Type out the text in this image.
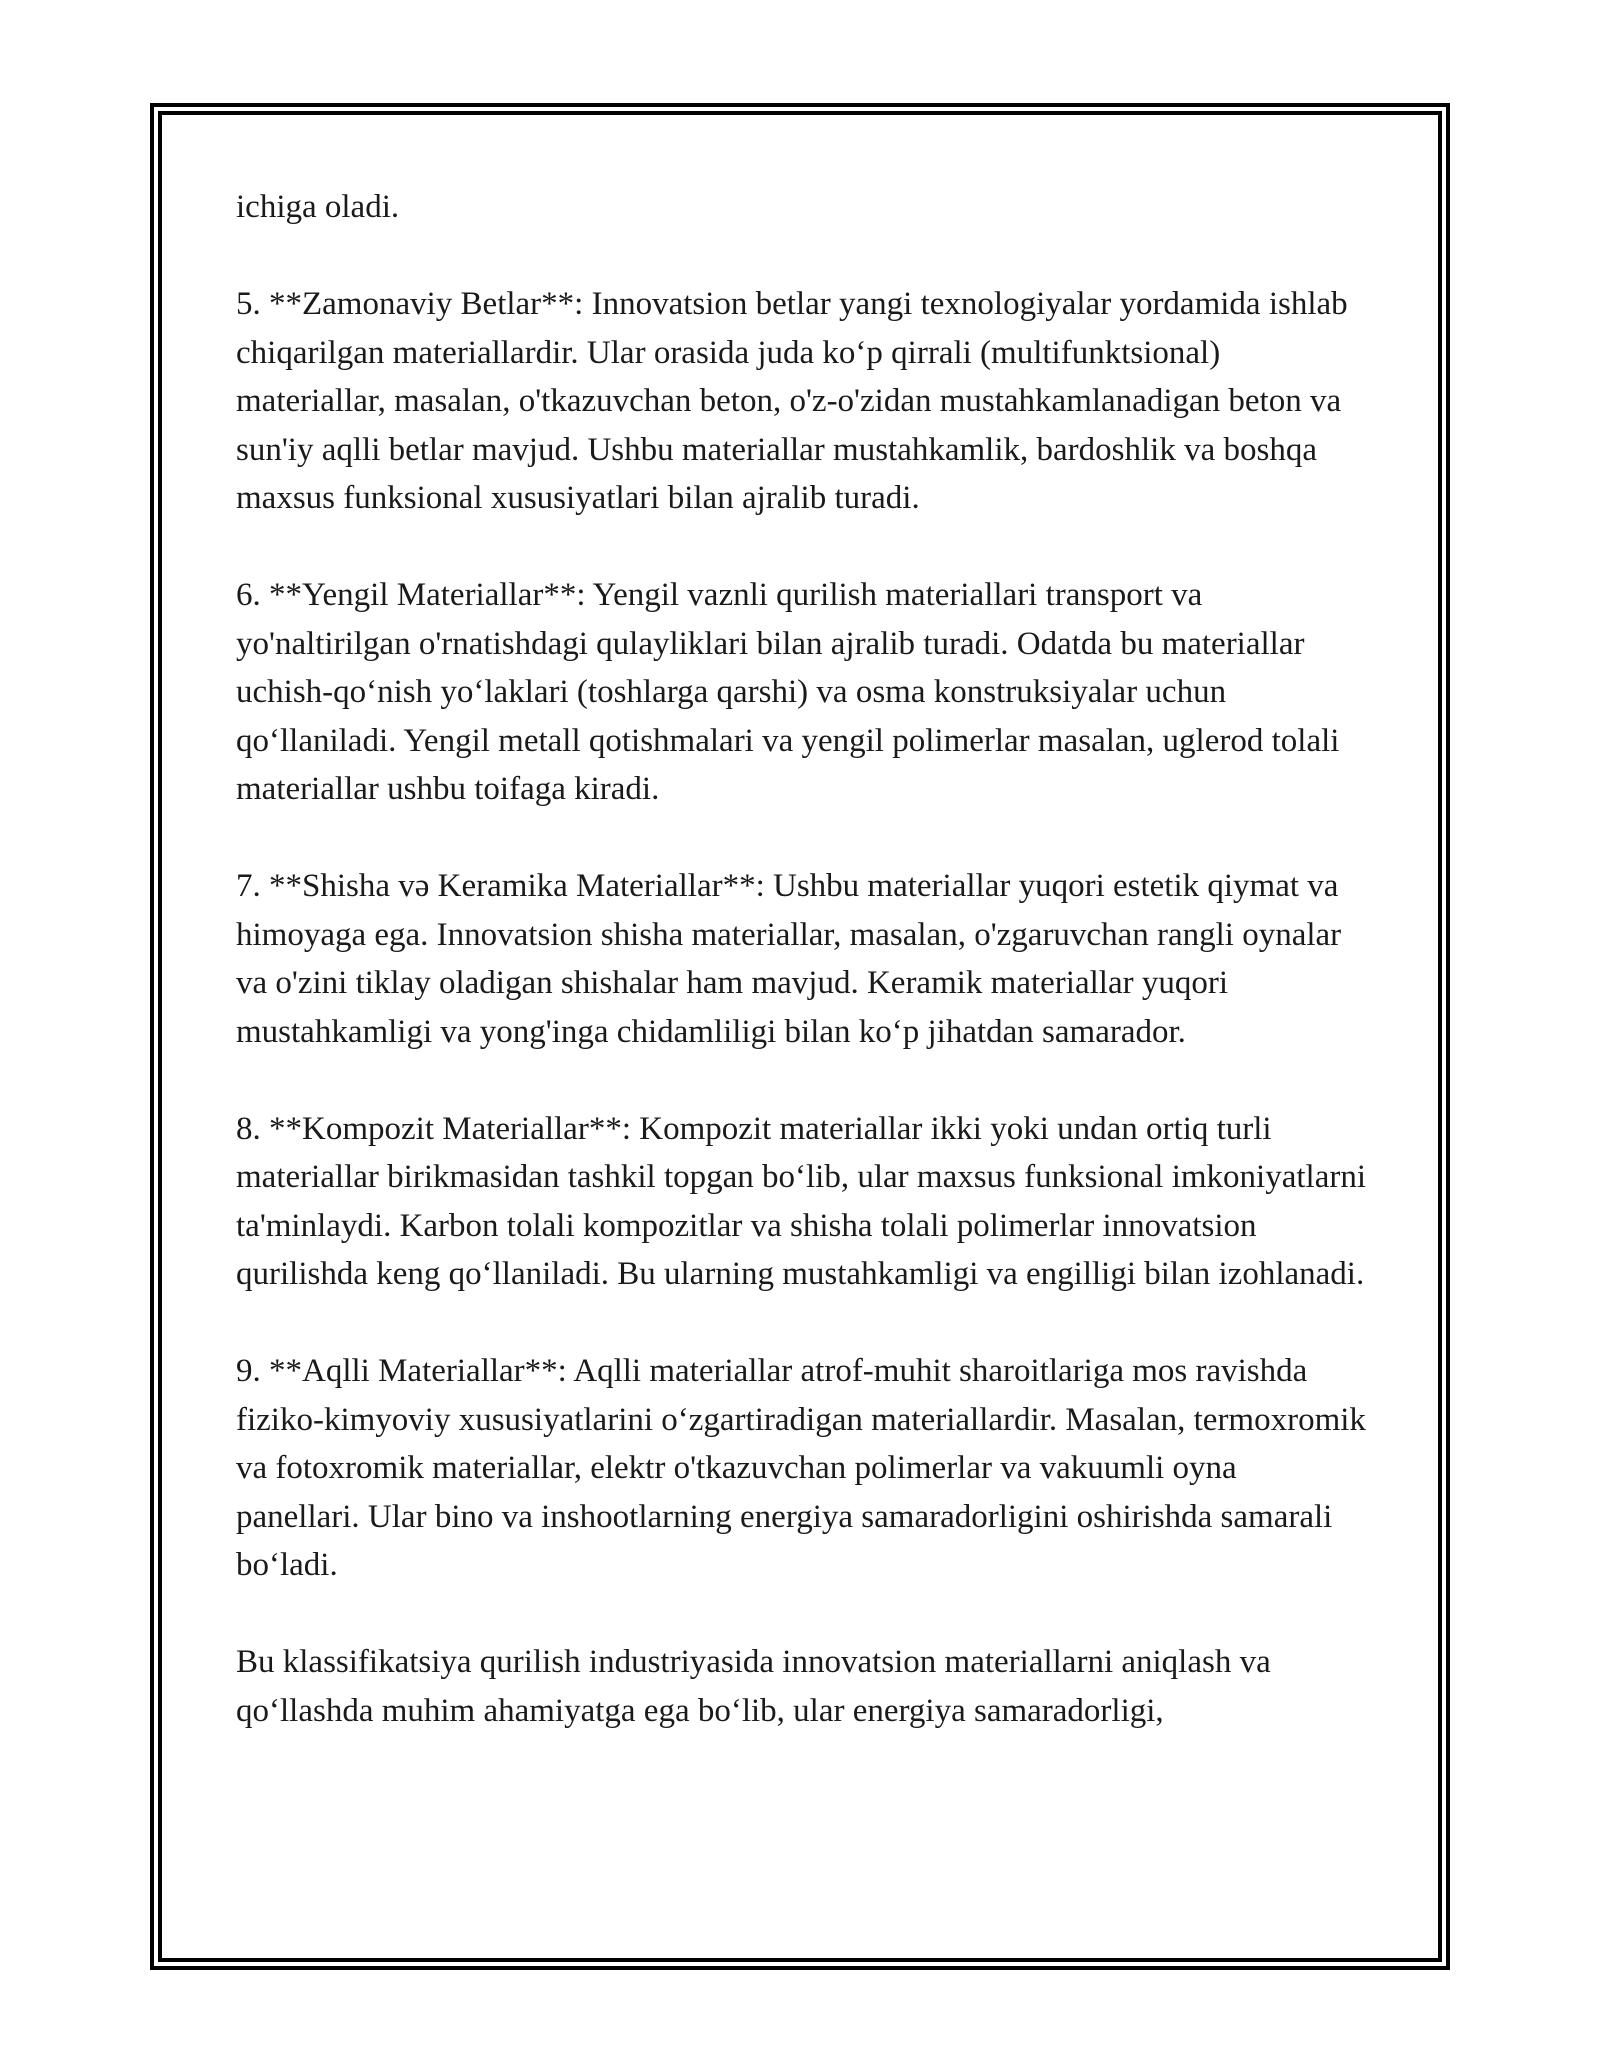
ichiga oladi.

5. **Zamonaviy Betlar**: Innovatsion betlar yangi texnologiyalar yordamida ishlab chiqarilgan materiallardir. Ular orasida juda ko‘p qirrali (multifunktsional) materiallar, masalan, o'tkazuvchan beton, o'z-o'zidan mustahkamlanadigan beton va sun'iy aqlli betlar mavjud. Ushbu materiallar mustahkamlik, bardoshlik va boshqa maxsus funksional xususiyatlari bilan ajralib turadi.

6. **Yengil Materiallar**: Yengil vaznli qurilish materiallari transport va yo'naltirilgan o'rnatishdagi qulayliklari bilan ajralib turadi. Odatda bu materiallar uchish-qo‘nish yo‘laklari (toshlarga qarshi) va osma konstruksiyalar uchun qo‘llaniladi. Yengil metall qotishmalari va yengil polimerlar masalan, uglerod tolali materiallar ushbu toifaga kiradi.

7. **Shisha və Keramika Materiallar**: Ushbu materiallar yuqori estetik qiymat va himoyaga ega. Innovatsion shisha materiallar, masalan, o'zgaruvchan rangli oynalar va o'zini tiklay oladigan shishalar ham mavjud. Keramik materiallar yuqori mustahkamligi va yong'inga chidamliligi bilan ko‘p jihatdan samarador.

8. **Kompozit Materiallar**: Kompozit materiallar ikki yoki undan ortiq turli materiallar birikmasidan tashkil topgan bo‘lib, ular maxsus funksional imkoniyatlarni ta'minlaydi. Karbon tolali kompozitlar va shisha tolali polimerlar innovatsion qurilishda keng qo‘llaniladi. Bu ularning mustahkamligi va engilligi bilan izohlanadi.

9. **Aqlli Materiallar**: Aqlli materiallar atrof-muhit sharoitlariga mos ravishda fiziko-kimyoviy xususiyatlarini o‘zgartiradigan materiallardir. Masalan, termoxromik va fotoxromik materiallar, elektr o'tkazuvchan polimerlar va vakuumli oyna panellari. Ular bino va inshootlarning energiya samaradorligini oshirishda samarali bo‘ladi.

Bu klassifikatsiya qurilish industriyasida innovatsion materiallarni aniqlash va qo‘llashda muhim ahamiyatga ega bo‘lib, ular energiya samaradorligi,
